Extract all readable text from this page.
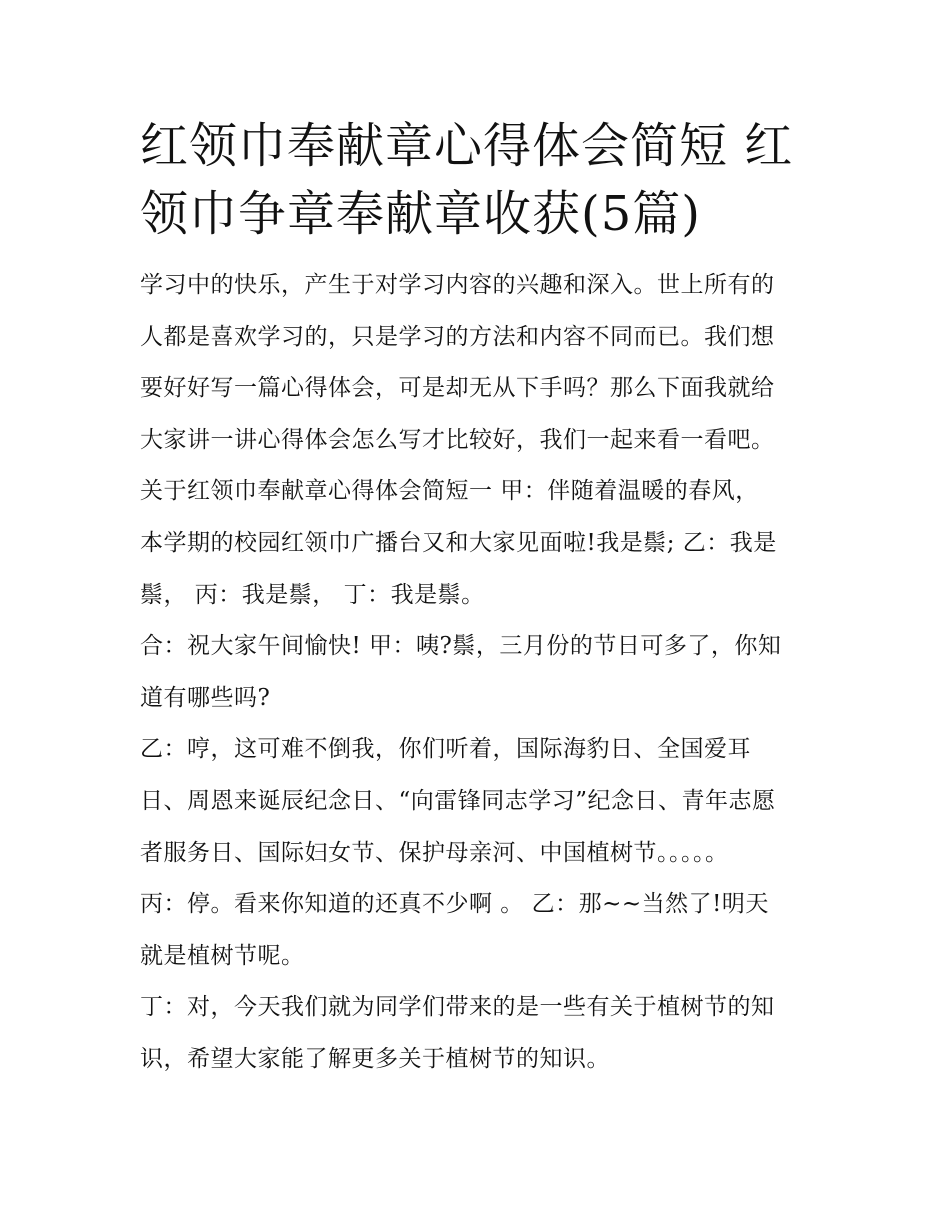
红领巾奉献章心得体会简短 红
领巾争章奉献章收获(5篇)
学习中的快乐，产生于对学习内容的兴趣和深入。世上所有的
人都是喜欢学习的，只是学习的方法和内容不同而已。我们想
要好好写一篇心得体会，可是却无从下手吗？那么下面我就给
大家讲一讲心得体会怎么写才比较好，我们一起来看一看吧。
关于红领巾奉献章心得体会简短一 甲：伴随着温暖的春风，
本学期的校园红领巾广播台又和大家见面啦!我是鬃; 乙：我是
鬃， 丙：我是鬃， 丁：我是鬃。
合：祝大家午间愉快! 甲：咦?鬃，三月份的节日可多了，你知
道有哪些吗?
乙：哼，这可难不倒我，你们听着，国际海豹日、全国爱耳
日、周恩来诞辰纪念日、“向雷锋同志学习”纪念日、青年志愿
者服务日、国际妇女节、保护母亲河、中国植树节。。。。。
丙：停。看来你知道的还真不少啊 。 乙：那~~当然了!明天
就是植树节呢。
丁：对，今天我们就为同学们带来的是一些有关于植树节的知
识，希望大家能了解更多关于植树节的知识。
